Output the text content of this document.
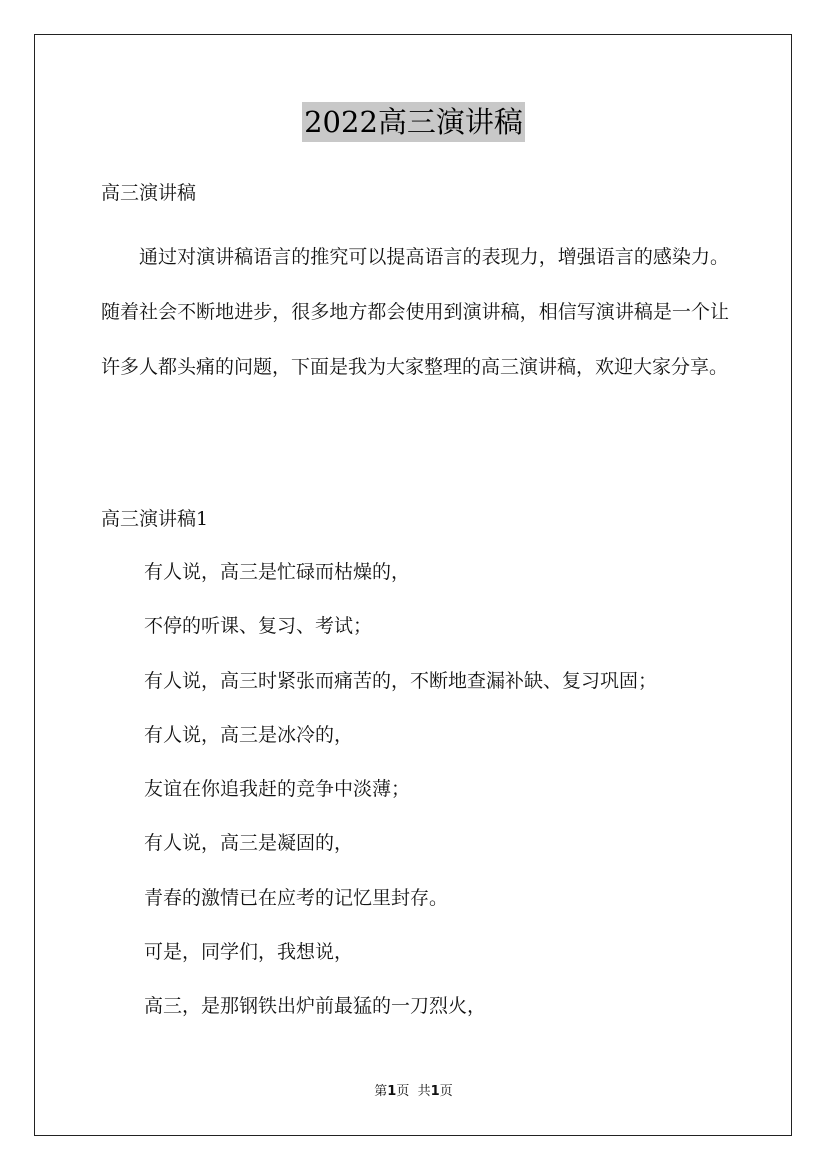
2022高三演讲稿
高三演讲稿

通过对演讲稿语言的推究可以提高语言的表现力，增强语言的感染力。随着社会不断地进步，很多地方都会使用到演讲稿，相信写演讲稿是一个让许多人都头痛的问题，下面是我为大家整理的高三演讲稿，欢迎大家分享。

高三演讲稿1
有人说，高三是忙碌而枯燥的，
不停的听课、复习、考试；
有人说，高三时紧张而痛苦的，不断地查漏补缺、复习巩固；
有人说，高三是冰冷的，
友谊在你追我赶的竞争中淡薄；
有人说，高三是凝固的，
青春的激情已在应考的记忆里封存。
可是，同学们，我想说，
高三，是那钢铁出炉前最猛的一刀烈火，
第1页 共1页
